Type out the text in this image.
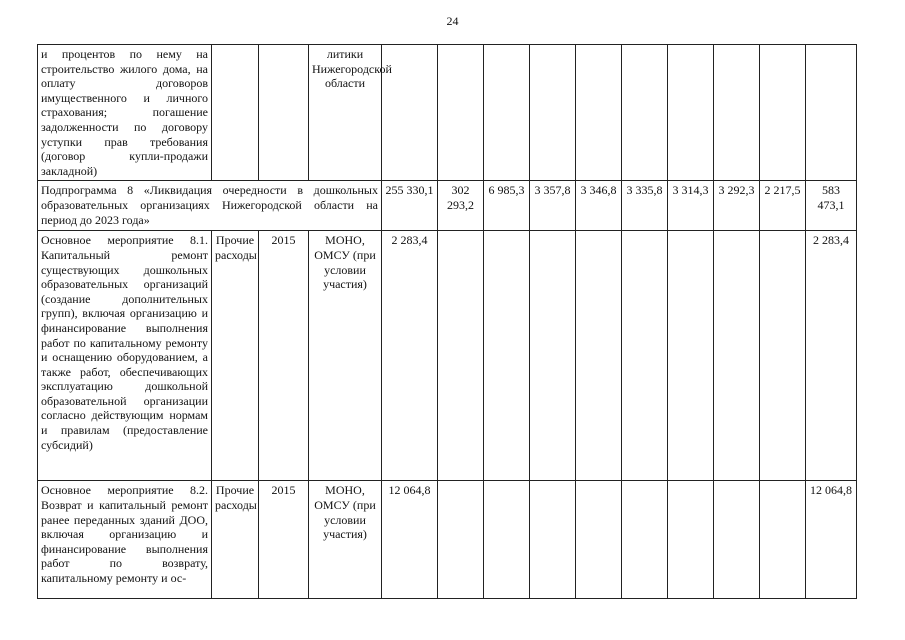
24
и процентов по нему на строительство жилого дома, на оплату договоров имущественного и личного страхования; погашение задолженности по договору уступки прав требования (договор купли-продажи закладной)			литики Нижегородской области										
Подпрограмма 8 «Ликвидация очередности в дошкольных образовательных организациях Нижегородской области на период до 2023 года»				255 330,1	302 293,2	6 985,3	3 357,8	3 346,8	3 335,8	3 314,3	3 292,3	2 217,5	583 473,1
Основное мероприятие 8.1. Капитальный ремонт существующих дошкольных образовательных организаций (создание дополнительных групп), включая организацию и финансирование выполнения работ по капитальному ремонту и оснащению оборудованием, а также работ, обеспечивающих эксплуатацию дошкольной образовательной организации согласно действующим нормам и правилам (предоставление субсидий)	Прочие расходы	2015	МОНО, ОМСУ (при условии участия)	2 283,4									2 283,4
Основное мероприятие 8.2. Возврат и капитальный ремонт ранее переданных зданий ДОО, включая организацию и финансирование выполнения работ по возврату, капитальному ремонту и ос-	Прочие расходы	2015	МОНО, ОМСУ (при условии участия)	12 064,8									12 064,8
